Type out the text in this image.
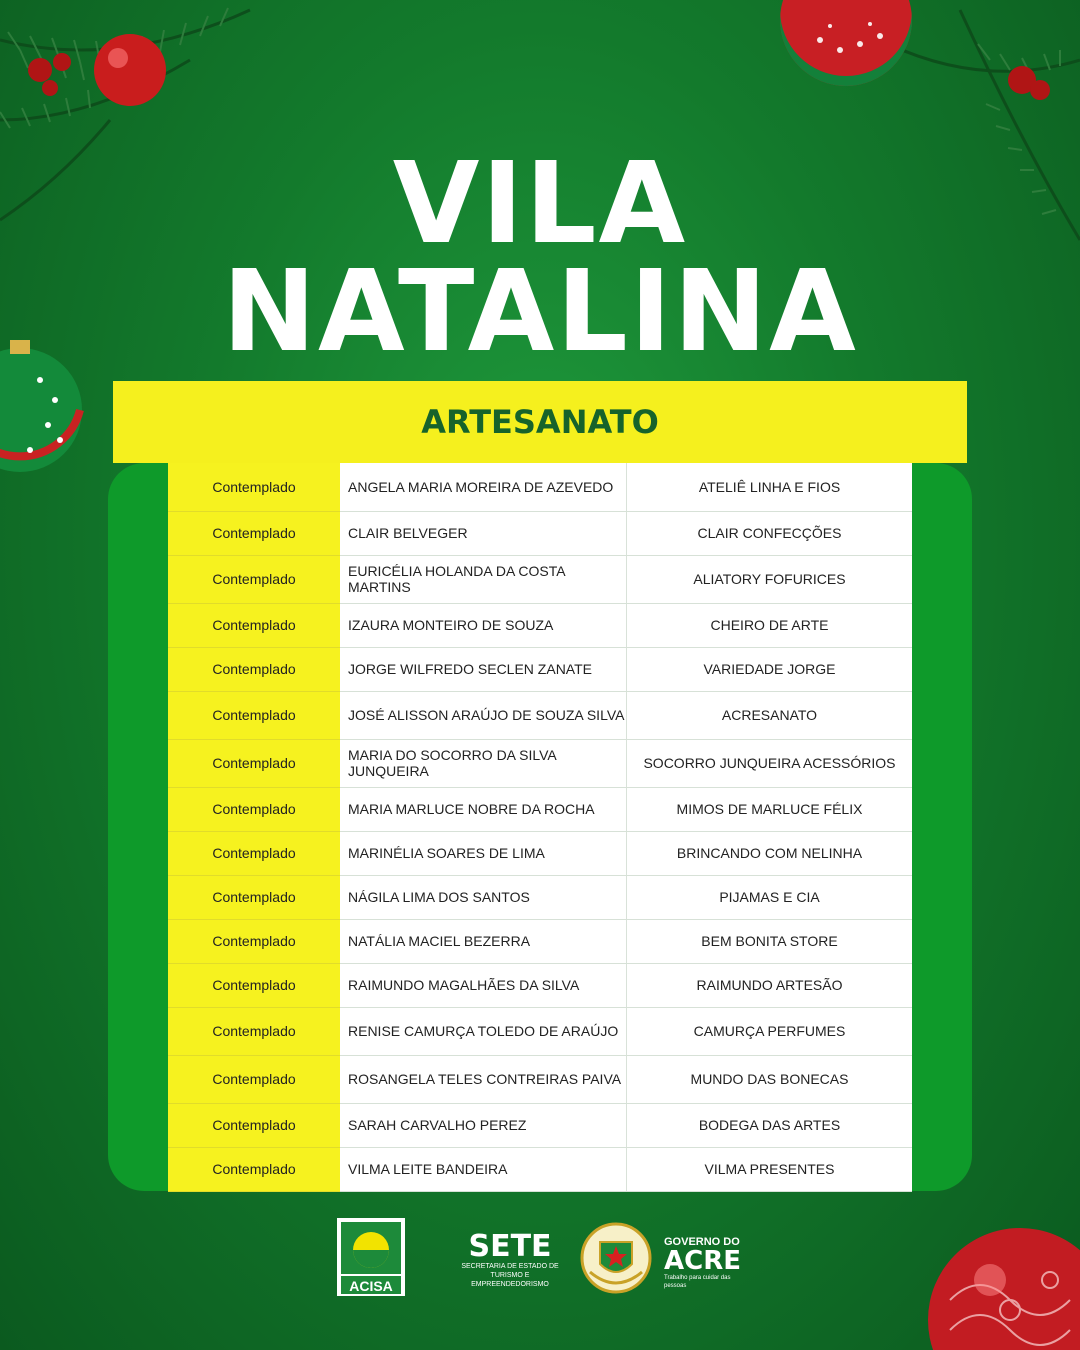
VILA
NATALINA
ARTESANATO
Contemplado	ANGELA MARIA MOREIRA DE AZEVEDO	ATELIÊ LINHA E FIOS
Contemplado	CLAIR BELVEGER	CLAIR CONFECÇÕES
Contemplado	EURICÉLIA HOLANDA DA COSTA MARTINS	ALIATORY FOFURICES
Contemplado	IZAURA MONTEIRO DE SOUZA	CHEIRO DE ARTE
Contemplado	JORGE WILFREDO SECLEN ZANATE	VARIEDADE JORGE
Contemplado	JOSÉ ALISSON ARAÚJO DE SOUZA SILVA	ACRESANATO
Contemplado	MARIA DO SOCORRO DA SILVA JUNQUEIRA	SOCORRO JUNQUEIRA ACESSÓRIOS
Contemplado	MARIA MARLUCE NOBRE DA ROCHA	MIMOS DE MARLUCE FÉLIX
Contemplado	MARINÉLIA SOARES DE LIMA	BRINCANDO COM NELINHA
Contemplado	NÁGILA LIMA DOS SANTOS	PIJAMAS E CIA
Contemplado	NATÁLIA MACIEL BEZERRA	BEM BONITA STORE
Contemplado	RAIMUNDO MAGALHÃES DA SILVA	RAIMUNDO ARTESÃO
Contemplado	RENISE CAMURÇA TOLEDO DE ARAÚJO	CAMURÇA PERFUMES
Contemplado	ROSANGELA TELES CONTREIRAS PAIVA	MUNDO DAS BONECAS
Contemplado	SARAH CARVALHO PEREZ	BODEGA DAS ARTES
Contemplado	VILMA LEITE BANDEIRA	VILMA PRESENTES
ACISA
SETE
SECRETARIA DE ESTADO DE
TURISMO E EMPREENDEDORISMO
GOVERNO DO
ACRE
Trabalho para cuidar das pessoas
